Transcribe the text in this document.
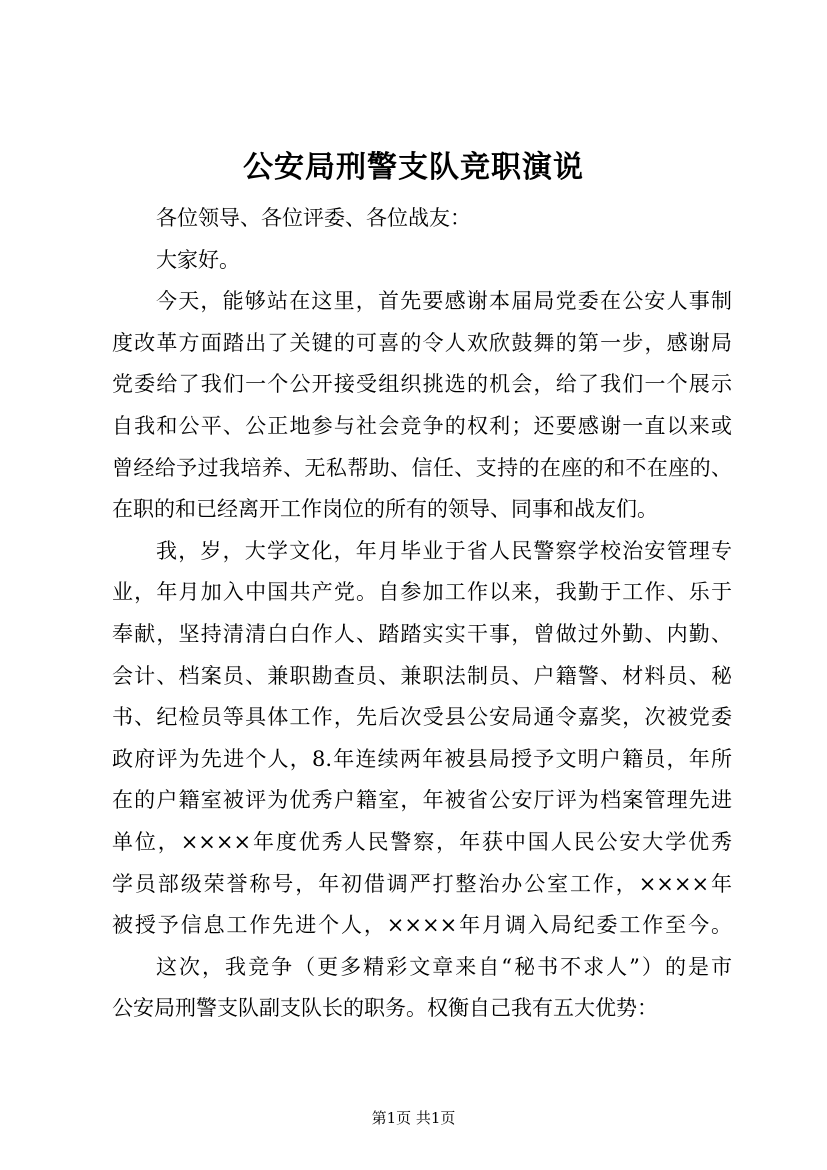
公安局刑警支队竞职演说
各位领导、各位评委、各位战友：
大家好。
今天，能够站在这里，首先要感谢本届局党委在公安人事制
度改革方面踏出了关键的可喜的令人欢欣鼓舞的第一步，感谢局
党委给了我们一个公开接受组织挑选的机会，给了我们一个展示
自我和公平、公正地参与社会竞争的权利；还要感谢一直以来或
曾经给予过我培养、无私帮助、信任、支持的在座的和不在座的、
在职的和已经离开工作岗位的所有的领导、同事和战友们。
我，岁，大学文化，年月毕业于省人民警察学校治安管理专
业，年月加入中国共产党。自参加工作以来，我勤于工作、乐于
奉献，坚持清清白白作人、踏踏实实干事，曾做过外勤、内勤、
会计、档案员、兼职勘查员、兼职法制员、户籍警、材料员、秘
书、纪检员等具体工作，先后次受县公安局通令嘉奖，次被党委
政府评为先进个人，8.年连续两年被县局授予文明户籍员，年所
在的户籍室被评为优秀户籍室，年被省公安厅评为档案管理先进
单位，××××年度优秀人民警察，年获中国人民公安大学优秀
学员部级荣誉称号，年初借调严打整治办公室工作，××××年
被授予信息工作先进个人，××××年月调入局纪委工作至今。
这次，我竞争（更多精彩文章来自“秘书不求人”）的是市
公安局刑警支队副支队长的职务。权衡自己我有五大优势：
第1页 共1页
